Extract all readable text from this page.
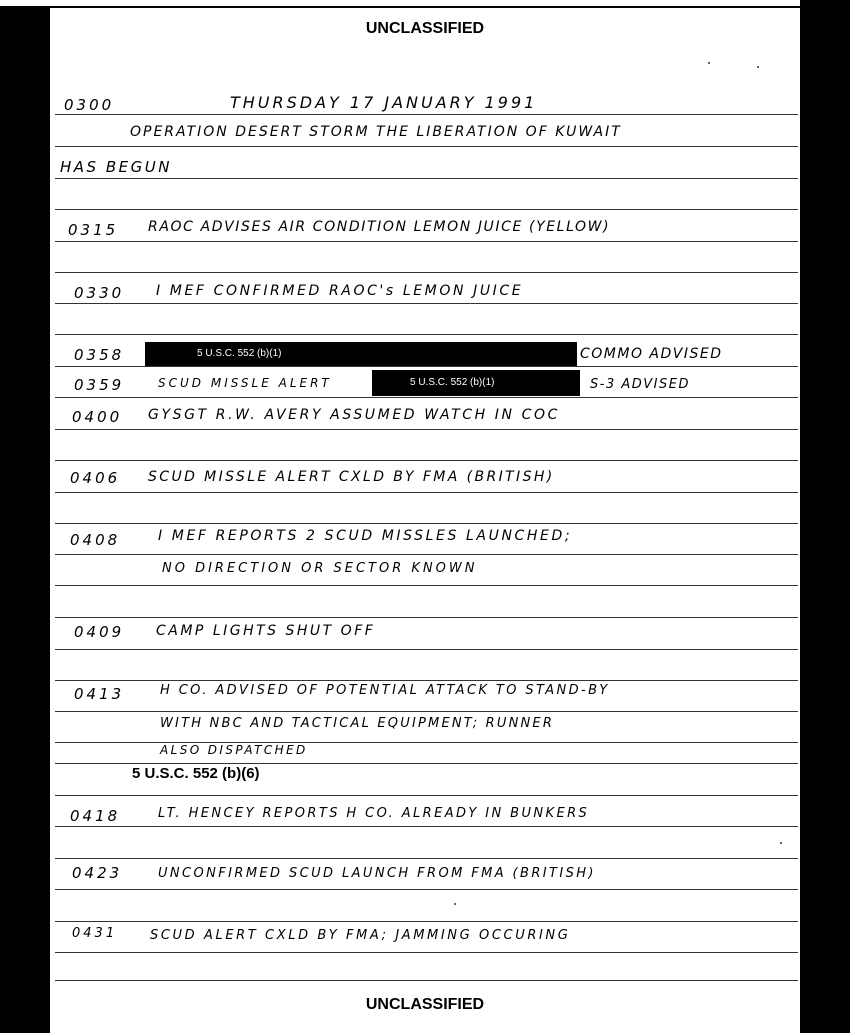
UNCLASSIFIED
0300	THURSDAY 17 JANUARY 1991
OPERATION DESERT STORM THE LIBERATION OF KUWAIT
HAS BEGUN
0315 RAOC ADVISES AIR CONDITION LEMON JUICE (YELLOW)
0330 I MEF CONFIRMED RAOC's LEMON JUICE
0358	5 U.S.C. 552 (b)(1)	COMMO ADVISED
0359	SCUD MISSLE ALERT	5 U.S.C. 552 (b)(1)	S-3 ADVISED
0400 GYSGT R.W. AVERY ASSUMED WATCH IN COC
0406 SCUD MISSLE ALERT CXLD BY FMA (BRITISH)
0408	I MEF REPORTS 2 SCUD MISSLES LAUNCHED;
NO DIRECTION OR SECTOR KNOWN
0409 CAMP LIGHTS SHUT OFF
0413	H CO. ADVISED OF POTENTIAL ATTACK TO STAND-BY
WITH NBC AND TACTICAL EQUIPMENT; RUNNER
ALSO DISPATCHED
5 U.S.C. 552 (b)(6)
0418	LT. HENCEY REPORTS H CO. ALREADY IN BUNKERS
0423	UNCONFIRMED SCUD LAUNCH FROM FMA (BRITISH)
0431	SCUD ALERT CXLD BY FMA; JAMMING OCCURING
UNCLASSIFIED
